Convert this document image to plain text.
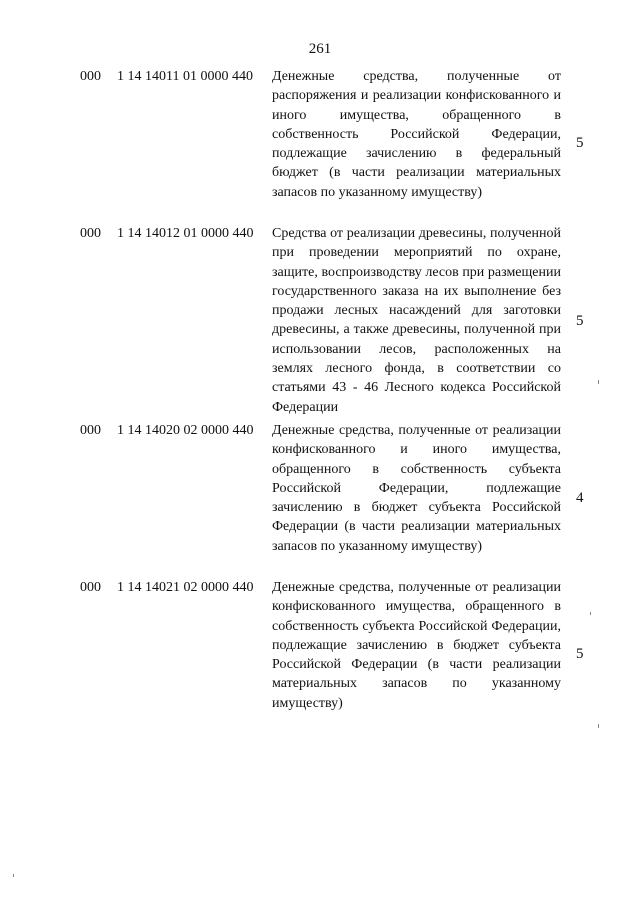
261
000 1 14 14011 01 0000 440 Денежные средства, полученные от распоряжения и реализации конфискованного и иного имущества, обращенного в собственность Российской Федерации, подлежащие зачислению в федеральный бюджет (в части реализации материальных запасов по указанному имуществу)
5
000 1 14 14012 01 0000 440 Средства от реализации древесины, полученной при проведении мероприятий по охране, защите, воспроизводству лесов при размещении государственного заказа на их выполнение без продажи лесных насаждений для заготовки древесины, а также древесины, полученной при использовании лесов, расположенных на землях лесного фонда, в соответствии со статьями 43 - 46 Лесного кодекса Российской Федерации
5
000 1 14 14020 02 0000 440 Денежные средства, полученные от реализации конфискованного и иного имущества, обращенного в собственность субъекта Российской Федерации, подлежащие зачислению в бюджет субъекта Российской Федерации (в части реализации материальных запасов по указанному имуществу)
4
000 1 14 14021 02 0000 440 Денежные средства, полученные от реализации конфискованного имущества, обращенного в собственность субъекта Российской Федерации, подлежащие зачислению в бюджет субъекта Российской Федерации (в части реализации материальных запасов по указанному имуществу)
5
